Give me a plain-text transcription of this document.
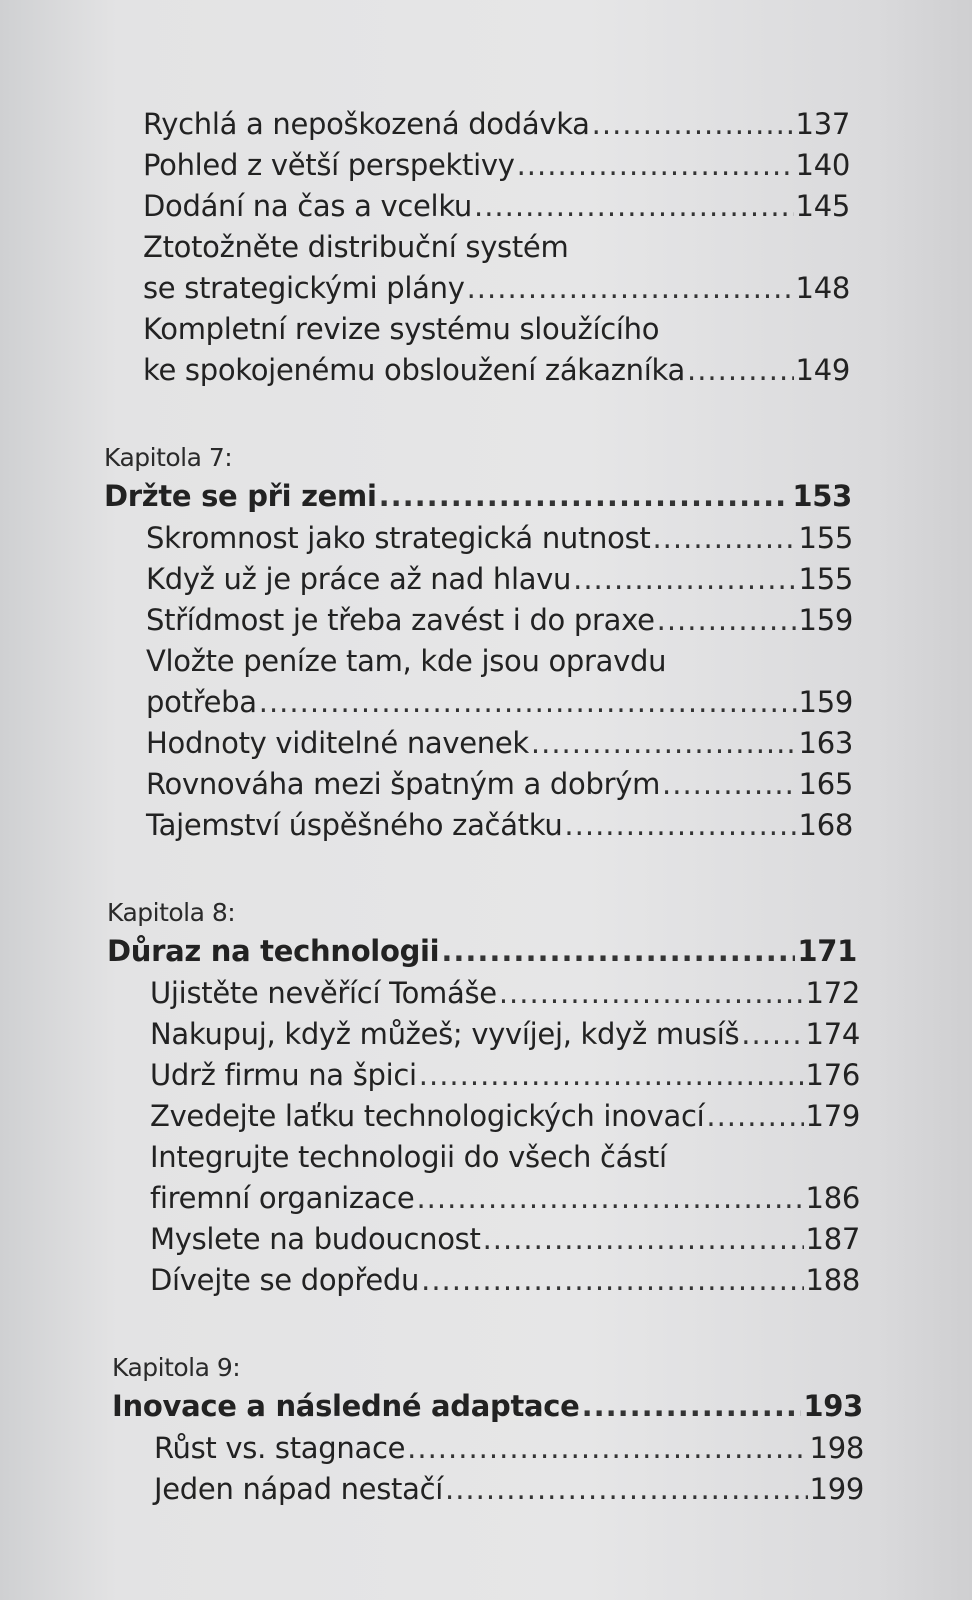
Rychlá a nepoškozená dodávka .....	137
Pohled z větší perspektivy .....	140
Dodání na čas a vcelku .....	145
Ztotožněte distribuční systém
se strategickými plány .....	148
Kompletní revize systému sloužícího
ke spokojenému obsloužení zákazníka .....	149
Kapitola 7:
Držte se při zemi .....	153
Skromnost jako strategická nutnost .....	155
Když už je práce až nad hlavu .....	155
Střídmost je třeba zavést i do praxe .....	159
Vložte peníze tam, kde jsou opravdu
potřeba .....	159
Hodnoty viditelné navenek .....	163
Rovnováha mezi špatným a dobrým .....	165
Tajemství úspěšného začátku .....	168
Kapitola 8:
Důraz na technologii .....	171
Ujistěte nevěřící Tomáše .....	172
Nakupuj, když můžeš; vyvíjej, když musíš ..... 174
Udrž firmu na špici .....	176
Zvedejte laťku technologických inovací .....	179
Integrujte technologii do všech částí
firemní organizace .....	186
Myslete na budoucnost .....	187
Dívejte se dopředu .....	188
Kapitola 9:
Inovace a následné adaptace .....	193
Růst vs. stagnace .....	198
Jeden nápad nestačí .....	199
